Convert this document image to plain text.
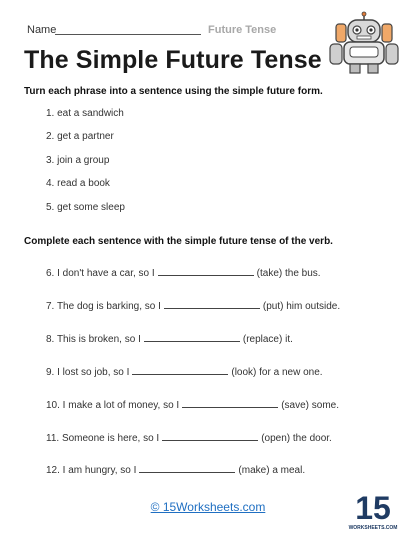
Name	Future Tense
The Simple Future Tense
Turn each phrase into a sentence using the simple future form.
1. eat a sandwich
2. get a partner
3. join a group
4. read a book
5. get some sleep
Complete each sentence with the simple future tense of the verb.
6. I don't have a car, so I	(take) the bus.
7. The dog is barking, so I	(put) him outside.
8. This is broken, so I	(replace) it.
9. I lost so job, so I	(look) for a new one.
10. I make a lot of money, so I	(save) some.
11. Someone is here, so I	(open) the door.
12. I am hungry, so I	(make) a meal.
© 15Worksheets.com	15
WORKSHEETS.COM
